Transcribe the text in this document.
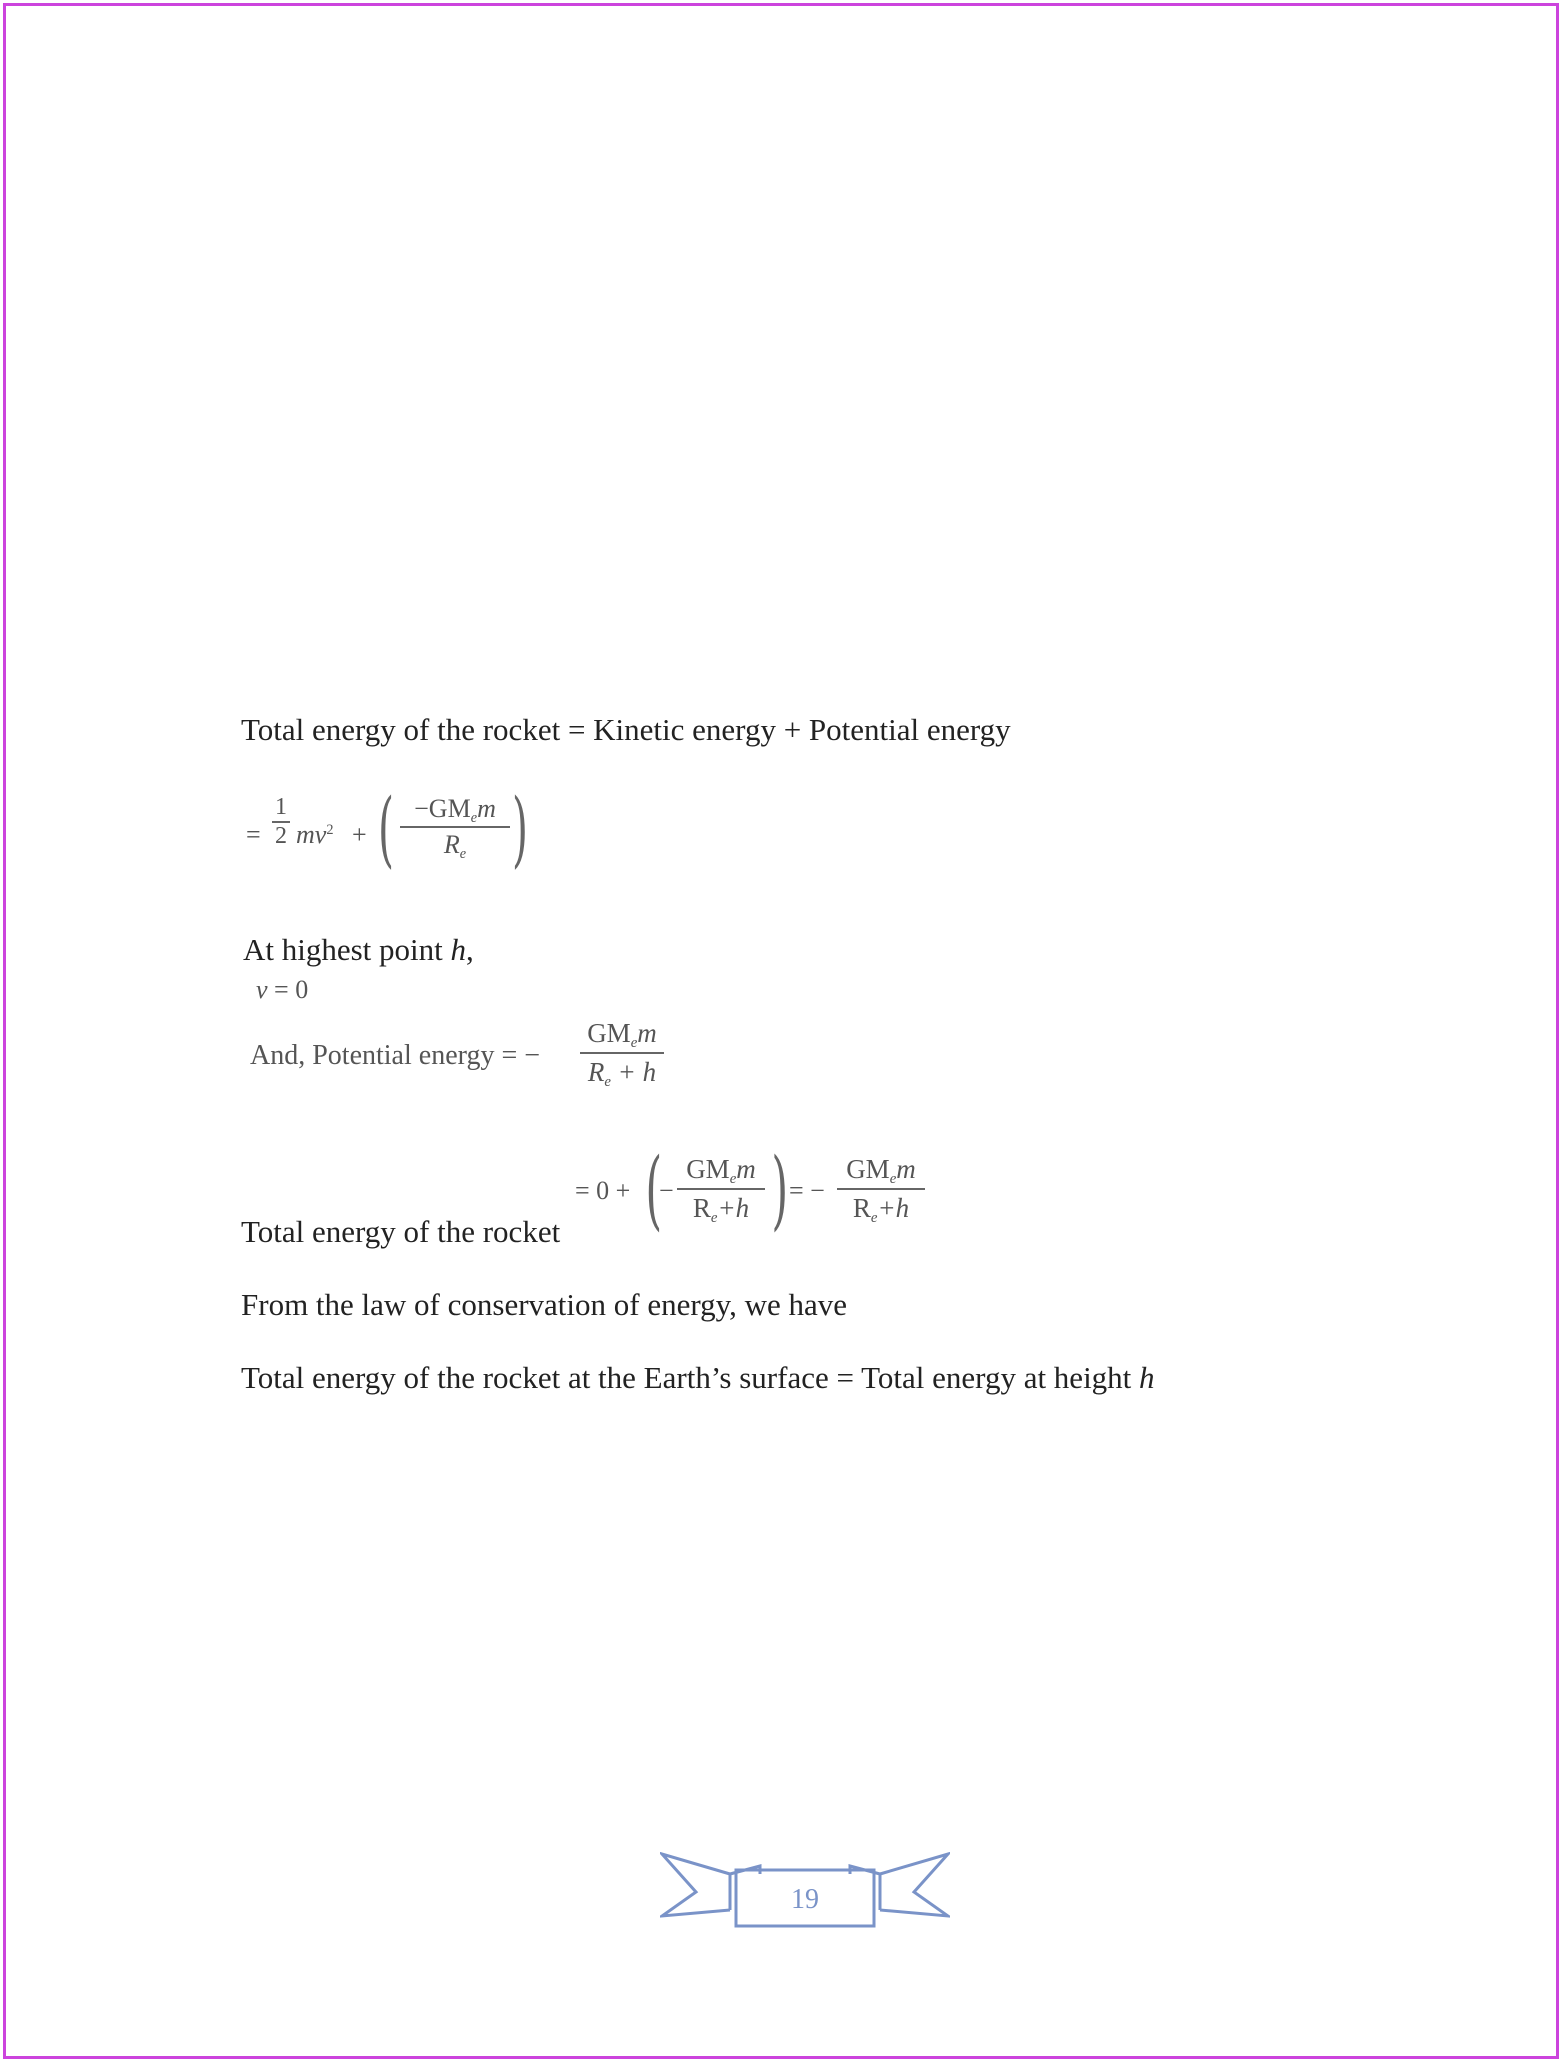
Total energy of the rocket = Kinetic energy + Potential energy
=
1
2 $mv^2$ + ( −GMem
Re )
At highest point h,
v = 0
And, Potential energy = −
GMem
Re + h
= 0 + (
−
GMem
Re+h ) = −
GMem
Re+h
Total energy of the rocket
From the law of conservation of energy, we have
Total energy of the rocket at the Earth’s surface = Total energy at height h
19
